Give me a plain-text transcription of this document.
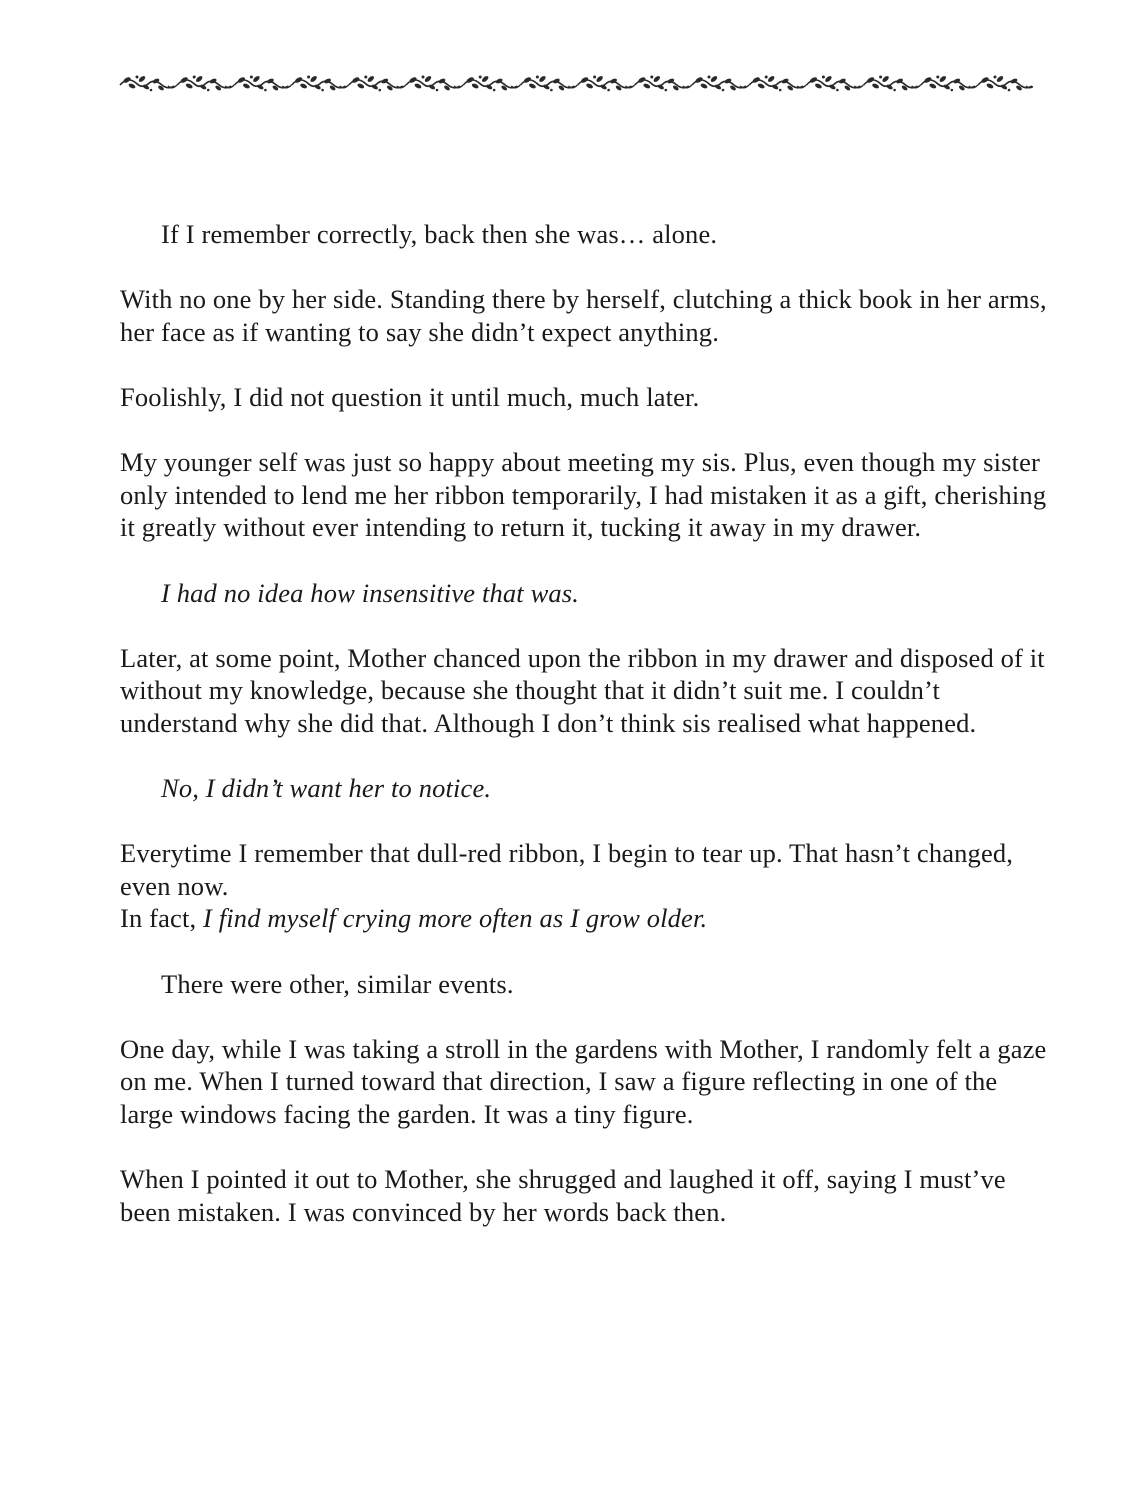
If I remember correctly, back then she was… alone.

With no one by her side. Standing there by herself, clutching a thick book in her arms, her face as if wanting to say she didn’t expect anything.

Foolishly, I did not question it until much, much later.

My younger self was just so happy about meeting my sis. Plus, even though my sister only intended to lend me her ribbon temporarily, I had mistaken it as a gift, cherishing it greatly without ever intending to return it, tucking it away in my drawer.

I had no idea how insensitive that was.

Later, at some point, Mother chanced upon the ribbon in my drawer and disposed of it without my knowledge, because she thought that it didn’t suit me. I couldn’t understand why she did that. Although I don’t think sis realised what happened.

No, I didn’t want her to notice.

Everytime I remember that dull-red ribbon, I begin to tear up. That hasn’t changed, even now.

In fact, I find myself crying more often as I grow older.

There were other, similar events.

One day, while I was taking a stroll in the gardens with Mother, I randomly felt a gaze on me. When I turned toward that direction, I saw a figure reflecting in one of the large windows facing the garden. It was a tiny figure.

When I pointed it out to Mother, she shrugged and laughed it off, saying I must’ve been mistaken. I was convinced by her words back then.
